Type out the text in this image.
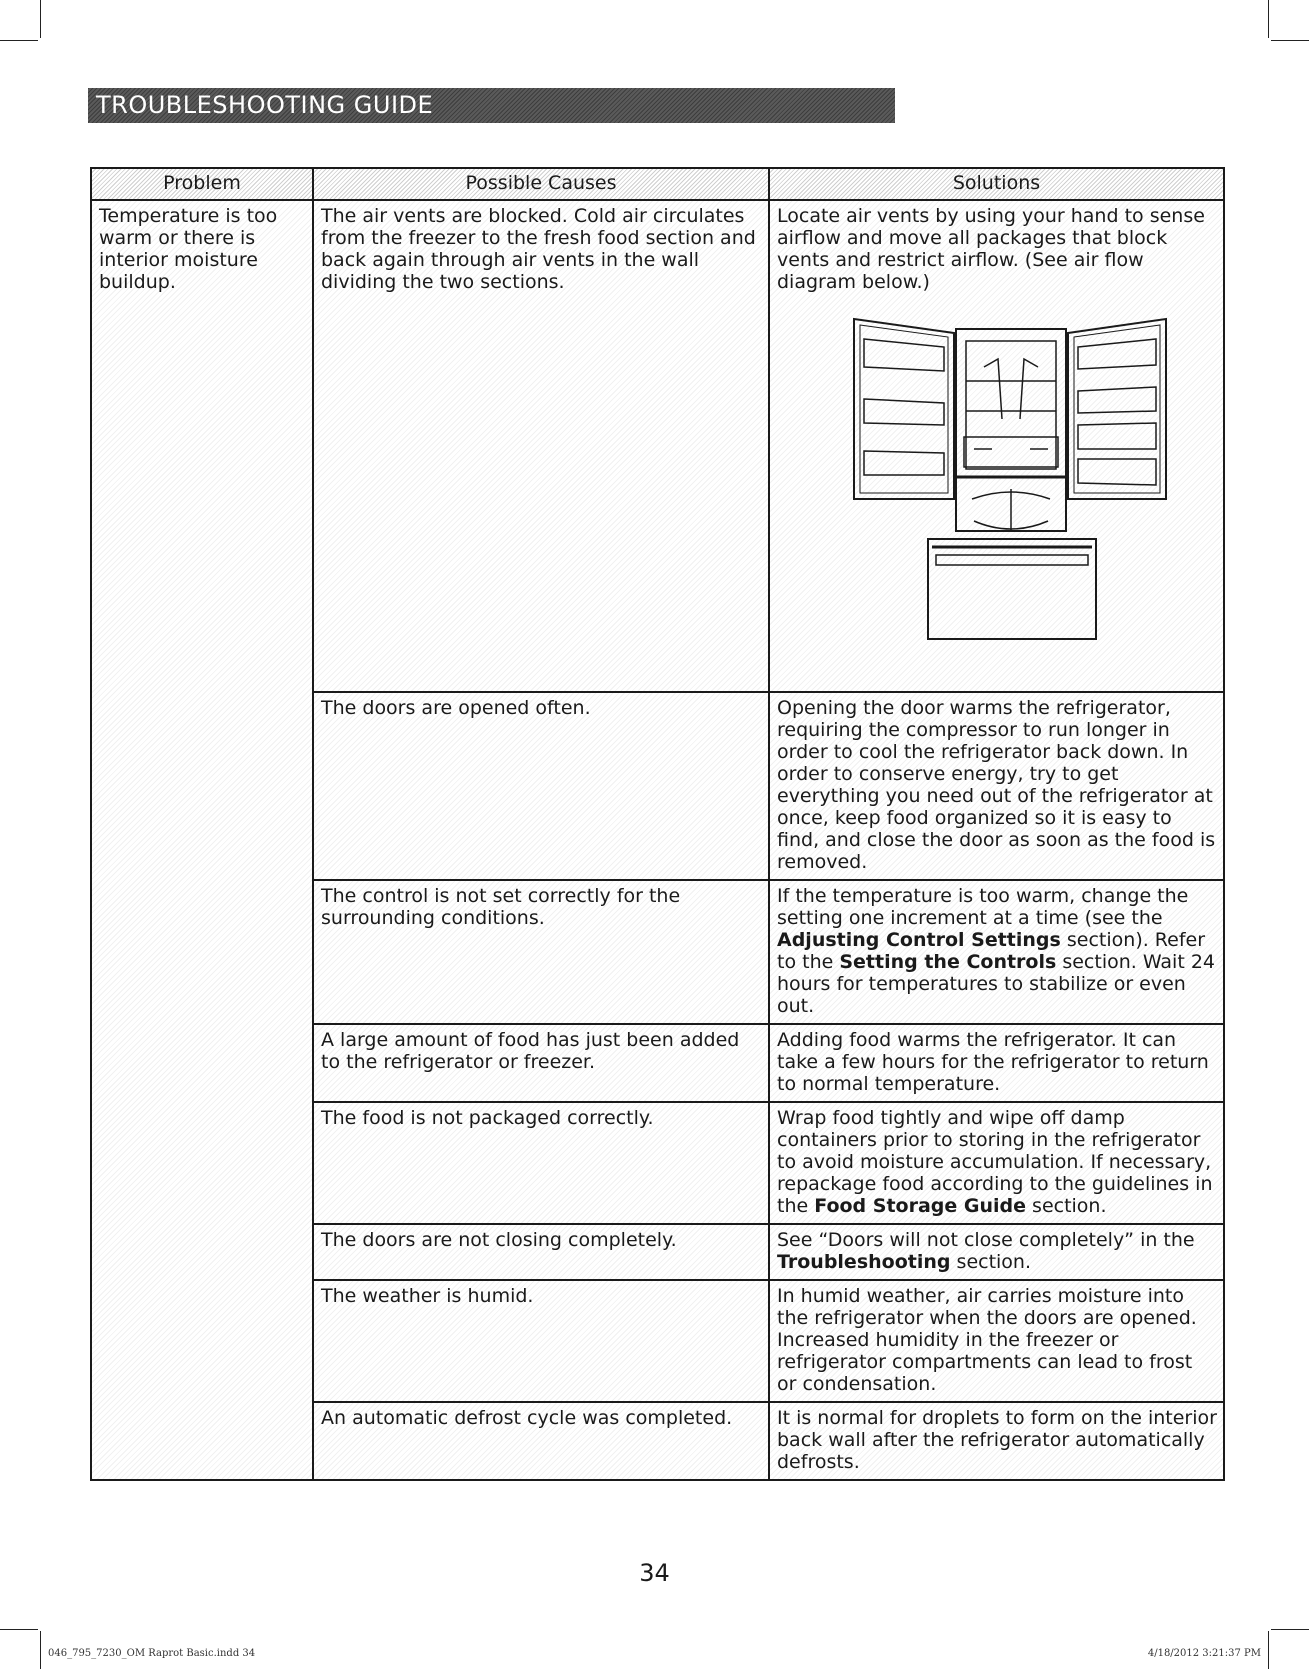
TROUBLESHOOTING GUIDE
Problem	Possible Causes	Solutions
Temperature is too warm or there is interior moisture buildup.	The air vents are blocked. Cold air circulates from the freezer to the fresh food section and back again through air vents in the wall dividing the two sections.	Locate air vents by using your hand to sense airflow and move all packages that block vents and restrict airflow. (See air flow diagram below.)

	The doors are opened often.	Opening the door warms the refrigerator, requiring the compressor to run longer in order to cool the refrigerator back down. In order to conserve energy, try to get everything you need out of the refrigerator at once, keep food organized so it is easy to find, and close the door as soon as the food is removed.
	The control is not set correctly for the surrounding conditions.	If the temperature is too warm, change the setting one increment at a time (see the Adjusting Control Settings section). Refer to the Setting the Controls section. Wait 24 hours for temperatures to stabilize or even out.
	A large amount of food has just been added to the refrigerator or freezer.	Adding food warms the refrigerator. It can take a few hours for the refrigerator to return to normal temperature.
	The food is not packaged correctly.	Wrap food tightly and wipe off damp containers prior to storing in the refrigerator to avoid moisture accumulation. If necessary, repackage food according to the guidelines in the Food Storage Guide section.
	The doors are not closing completely.	See “Doors will not close completely” in the Troubleshooting section.
	The weather is humid.	In humid weather, air carries moisture into the refrigerator when the doors are opened. Increased humidity in the freezer or refrigerator compartments can lead to frost or condensation.
	An automatic defrost cycle was completed.	It is normal for droplets to form on the interior back wall after the refrigerator automatically defrosts.
34
046_795_7230_OM Raprot Basic.indd 34	4/18/2012 3:21:37 PM
